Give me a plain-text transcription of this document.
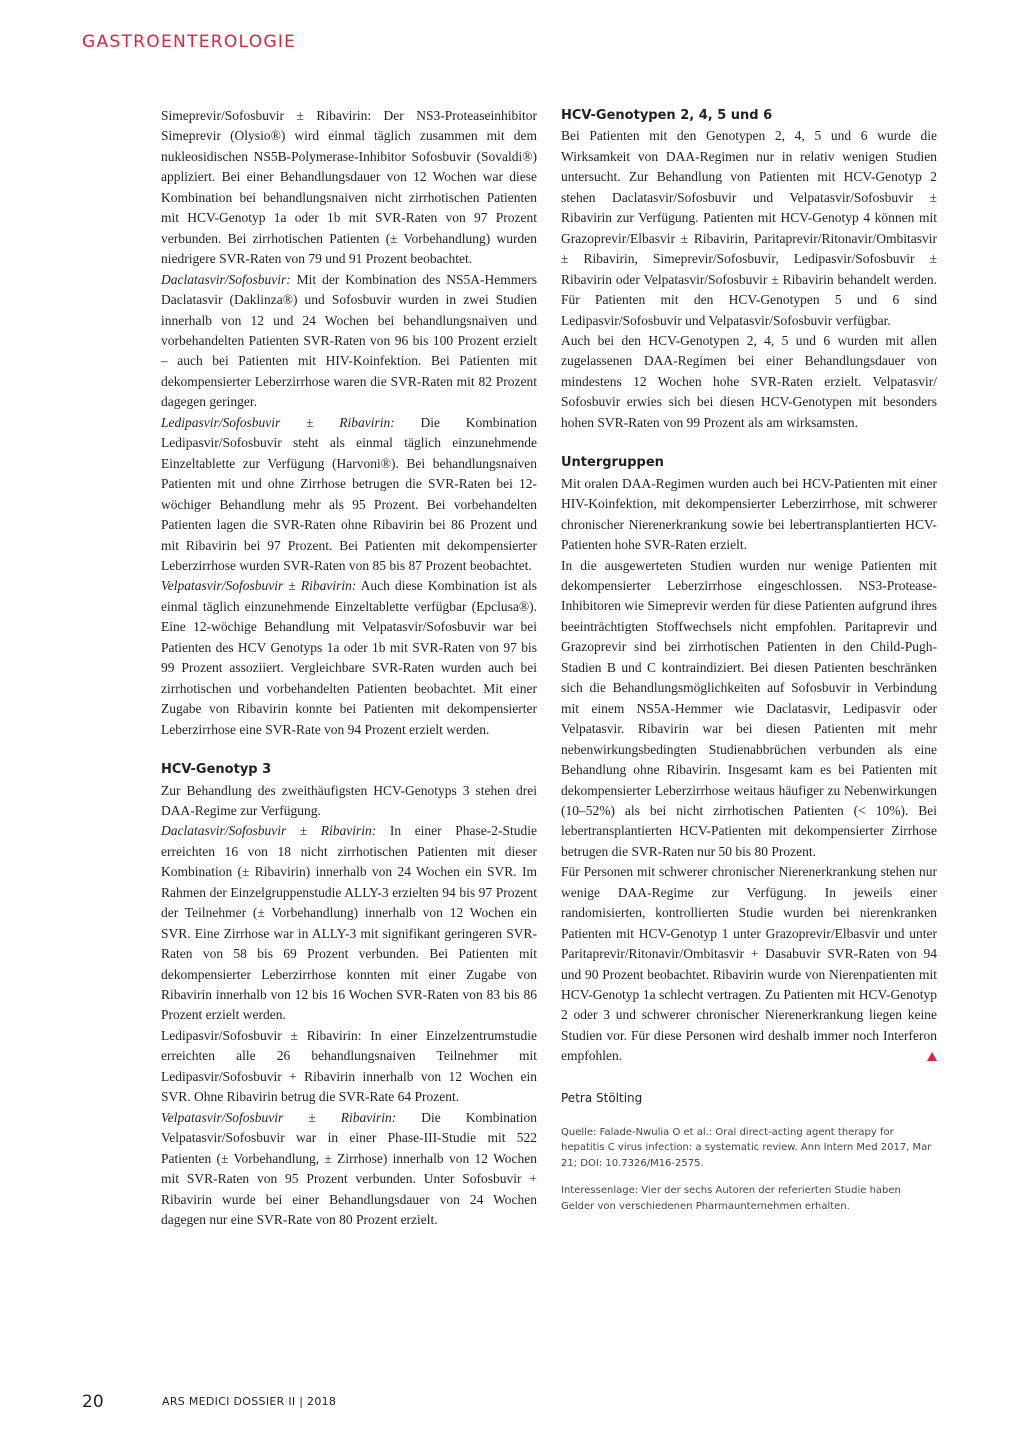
GASTROENTEROLOGIE

Simeprevir/Sofosbuvir ± Ribavirin: Der NS3-Proteaseinhibitor Simeprevir (Olysio®) wird einmal täglich zusammen mit dem nukleosidischen NS5B-Polymerase-Inhibitor Sofosbuvir (Sovaldi®) appliziert. Bei einer Behandlungsdauer von 12 Wochen war diese Kombination bei behandlungsnaiven nicht zirrhotischen Patienten mit HCV-Genotyp 1a oder 1b mit SVR-Raten von 97 Prozent verbunden. Bei zirrhotischen Patienten (± Vorbehandlung) wurden niedrigere SVR-Raten von 79 und 91 Prozent beobachtet.

Daclatasvir/Sofosbuvir: Mit der Kombination des NS5A-Hemmers Daclatasvir (Daklinza®) und Sofosbuvir wurden in zwei Studien innerhalb von 12 und 24 Wochen bei behandlungsnaiven und vorbehandelten Patienten SVR-Raten von 96 bis 100 Prozent erzielt – auch bei Patienten mit HIV-Koinfektion. Bei Patienten mit dekompensierter Leberzirrhose waren die SVR-Raten mit 82 Prozent dagegen geringer.

Ledipasvir/Sofosbuvir ± Ribavirin: Die Kombination Ledipasvir/Sofosbuvir steht als einmal täglich einzunehmende Einzeltablette zur Verfügung (Harvoni®). Bei behandlungsnaiven Patienten mit und ohne Zirrhose betrugen die SVR-Raten bei 12-wöchiger Behandlung mehr als 95 Prozent. Bei vorbehandelten Patienten lagen die SVR-Raten ohne Ribavirin bei 86 Prozent und mit Ribavirin bei 97 Prozent. Bei Patienten mit dekompensierter Leberzirrhose wurden SVR-Raten von 85 bis 87 Prozent beobachtet.

Velpatasvir/Sofosbuvir ± Ribavirin: Auch diese Kombination ist als einmal täglich einzunehmende Einzeltablette verfügbar (Epclusa®). Eine 12-wöchige Behandlung mit Velpatasvir/Sofosbuvir war bei Patienten des HCV Genotyps 1a oder 1b mit SVR-Raten von 97 bis 99 Prozent assoziiert. Vergleichbare SVR-Raten wurden auch bei zirrhotischen und vorbehandelten Patienten beobachtet. Mit einer Zugabe von Ribavirin konnte bei Patienten mit dekompensierter Leberzirrhose eine SVR-Rate von 94 Prozent erzielt werden.

HCV-Genotyp 3

Zur Behandlung des zweithäufigsten HCV-Genotyps 3 stehen drei DAA-Regime zur Verfügung.

Daclatasvir/Sofosbuvir ± Ribavirin: In einer Phase-2-Studie erreichten 16 von 18 nicht zirrhotischen Patienten mit dieser Kombination (± Ribavirin) innerhalb von 24 Wochen ein SVR. Im Rahmen der Einzelgruppenstudie ALLY-3 erzielten 94 bis 97 Prozent der Teilnehmer (± Vorbehandlung) innerhalb von 12 Wochen ein SVR. Eine Zirrhose war in ALLY-3 mit signifikant geringeren SVR-Raten von 58 bis 69 Prozent verbunden. Bei Patienten mit dekompensierter Leberzirrhose konnten mit einer Zugabe von Ribavirin innerhalb von 12 bis 16 Wochen SVR-Raten von 83 bis 86 Prozent erzielt werden.

Ledipasvir/Sofosbuvir ± Ribavirin: In einer Einzelzentrumstudie erreichten alle 26 behandlungsnaiven Teilnehmer mit Ledipasvir/Sofosbuvir + Ribavirin innerhalb von 12 Wochen ein SVR. Ohne Ribavirin betrug die SVR-Rate 64 Prozent.

Velpatasvir/Sofosbuvir ± Ribavirin: Die Kombination Velpatasvir/Sofosbuvir war in einer Phase-III-Studie mit 522 Patienten (± Vorbehandlung, ± Zirrhose) innerhalb von 12 Wochen mit SVR-Raten von 95 Prozent verbunden. Unter Sofosbuvir + Ribavirin wurde bei einer Behandlungsdauer von 24 Wochen dagegen nur eine SVR-Rate von 80 Prozent erzielt.

HCV-Genotypen 2, 4, 5 und 6

Bei Patienten mit den Genotypen 2, 4, 5 und 6 wurde die Wirksamkeit von DAA-Regimen nur in relativ wenigen Studien untersucht. Zur Behandlung von Patienten mit HCV-Genotyp 2 stehen Daclatasvir/Sofosbuvir und Velpatasvir/Sofosbuvir ± Ribavirin zur Verfügung. Patienten mit HCV-Genotyp 4 können mit Grazoprevir/Elbasvir ± Ribavirin, Paritaprevir/Ritonavir/Ombitasvir ± Ribavirin, Simeprevir/Sofosbuvir, Ledipasvir/Sofosbuvir ± Ribavirin oder Velpatasvir/Sofosbuvir ± Ribavirin behandelt werden. Für Patienten mit den HCV-Genotypen 5 und 6 sind Ledipasvir/Sofosbuvir und Velpatasvir/Sofosbuvir verfügbar.

Auch bei den HCV-Genotypen 2, 4, 5 und 6 wurden mit allen zugelassenen DAA-Regimen bei einer Behandlungsdauer von mindestens 12 Wochen hohe SVR-Raten erzielt. Velpatasvir/ Sofosbuvir erwies sich bei diesen HCV-Genotypen mit besonders hohen SVR-Raten von 99 Prozent als am wirksamsten.

Untergruppen

Mit oralen DAA-Regimen wurden auch bei HCV-Patienten mit einer HIV-Koinfektion, mit dekompensierter Leberzirrhose, mit schwerer chronischer Nierenerkrankung sowie bei lebertransplantierten HCV-Patienten hohe SVR-Raten erzielt.

In die ausgewerteten Studien wurden nur wenige Patienten mit dekompensierter Leberzirrhose eingeschlossen. NS3-Protease-Inhibitoren wie Simeprevir werden für diese Patienten aufgrund ihres beeinträchtigten Stoffwechsels nicht empfohlen. Paritaprevir und Grazoprevir sind bei zirrhotischen Patienten in den Child-Pugh-Stadien B und C kontraindiziert. Bei diesen Patienten beschränken sich die Behandlungsmöglichkeiten auf Sofosbuvir in Verbindung mit einem NS5A-Hemmer wie Daclatasvir, Ledipasvir oder Velpatasvir. Ribavirin war bei diesen Patienten mit mehr nebenwirkungsbedingten Studienabbrüchen verbunden als eine Behandlung ohne Ribavirin. Insgesamt kam es bei Patienten mit dekompensierter Leberzirrhose weitaus häufiger zu Nebenwirkungen (10–52%) als bei nicht zirrhotischen Patienten (< 10%). Bei lebertransplantierten HCV-Patienten mit dekompensierter Zirrhose betrugen die SVR-Raten nur 50 bis 80 Prozent.

Für Personen mit schwerer chronischer Nierenerkrankung stehen nur wenige DAA-Regime zur Verfügung. In jeweils einer randomisierten, kontrollierten Studie wurden bei nierenkranken Patienten mit HCV-Genotyp 1 unter Grazoprevir/Elbasvir und unter Paritaprevir/Ritonavir/Ombitasvir + Dasabuvir SVR-Raten von 94 und 90 Prozent beobachtet. Ribavirin wurde von Nierenpatienten mit HCV-Genotyp 1a schlecht vertragen. Zu Patienten mit HCV-Genotyp 2 oder 3 und schwerer chronischer Nierenerkrankung liegen keine Studien vor. Für diese Personen wird deshalb immer noch Interferon empfohlen.

Petra Stölting

Quelle: Falade-Nwulia O et al.: Oral direct-acting agent therapy for hepatitis C virus infection: a systematic review. Ann Intern Med 2017, Mar 21; DOI: 10.7326/M16-2575.

Interessenlage: Vier der sechs Autoren der referierten Studie haben Gelder von verschiedenen Pharmaunternehmen erhalten.

20	ARS MEDICI DOSSIER II | 2018
